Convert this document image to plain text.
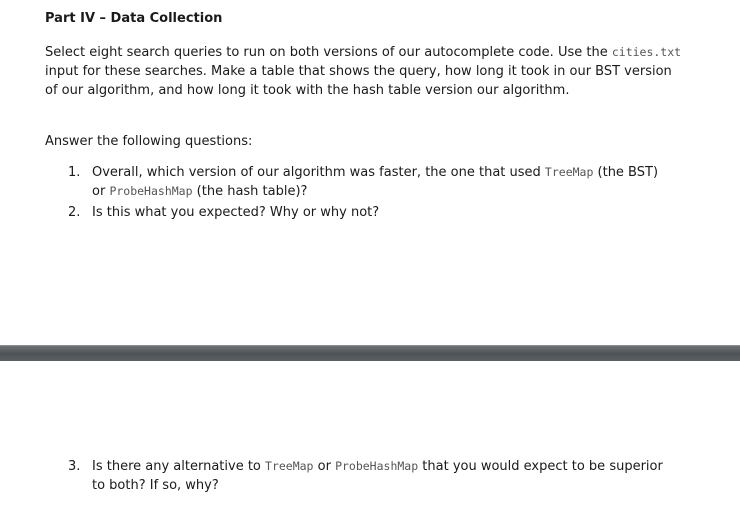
Part IV – Data Collection

Select eight search queries to run on both versions of our autocomplete code. Use the cities.txt input for these searches. Make a table that shows the query, how long it took in our BST version of our algorithm, and how long it took with the hash table version our algorithm.

Answer the following questions:

1. Overall, which version of our algorithm was faster, the one that used TreeMap (the BST) or ProbeHashMap (the hash table)?
2. Is this what you expected? Why or why not?
3. Is there any alternative to TreeMap or ProbeHashMap that you would expect to be superior to both? If so, why?
